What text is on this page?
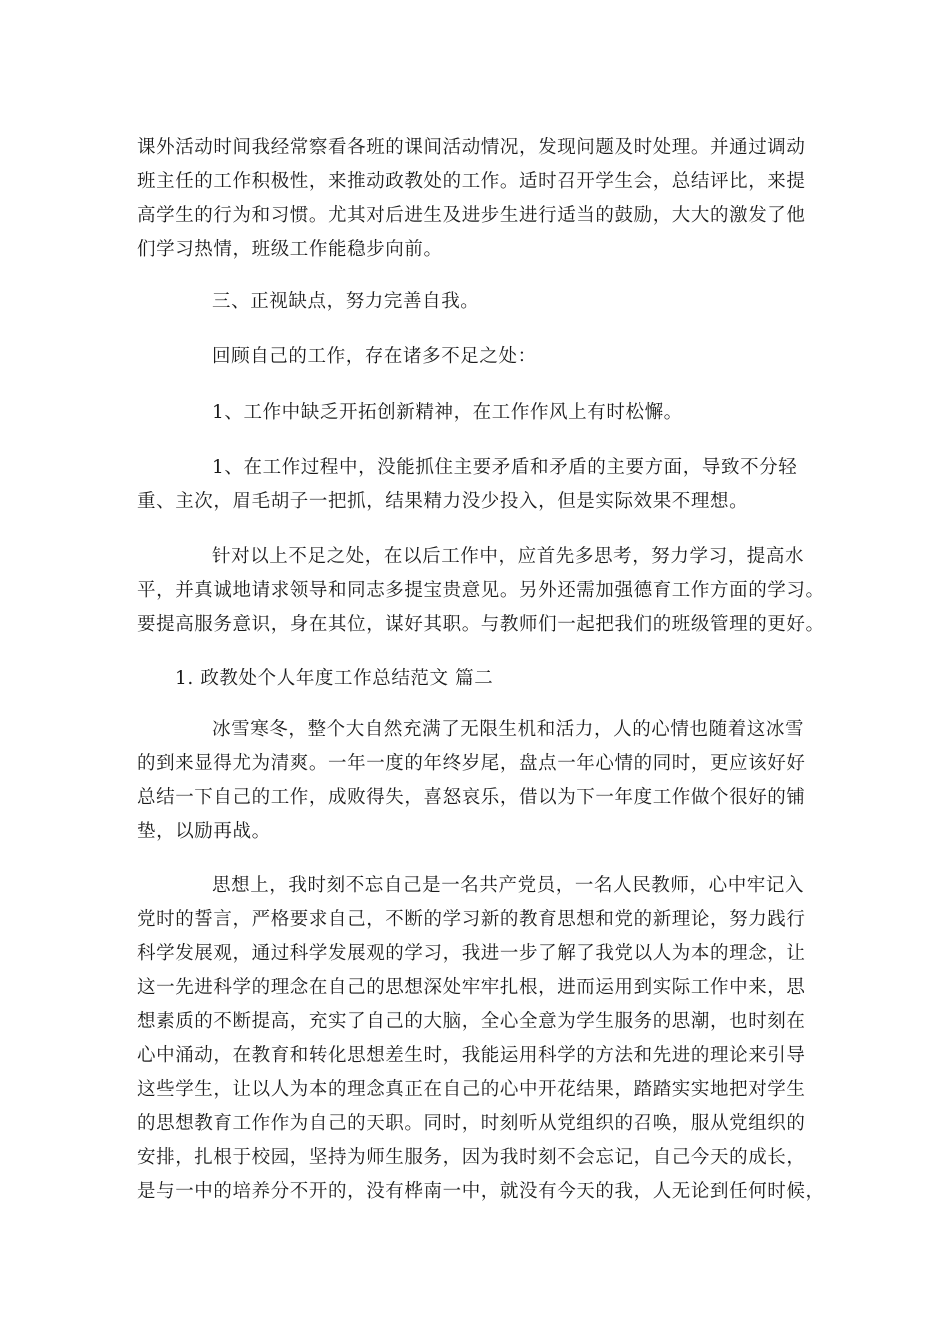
课外活动时间我经常察看各班的课间活动情况，发现问题及时处理。并通过调动
班主任的工作积极性，来推动政教处的工作。适时召开学生会，总结评比，来提
高学生的行为和习惯。尤其对后进生及进步生进行适当的鼓励，大大的激发了他
们学习热情，班级工作能稳步向前。
三、正视缺点，努力完善自我。
回顾自己的工作，存在诸多不足之处：
1、工作中缺乏开拓创新精神，在工作作风上有时松懈。
1、在工作过程中，没能抓住主要矛盾和矛盾的主要方面，导致不分轻
重、主次，眉毛胡子一把抓，结果精力没少投入，但是实际效果不理想。
针对以上不足之处，在以后工作中，应首先多思考，努力学习，提高水
平，并真诚地请求领导和同志多提宝贵意见。另外还需加强德育工作方面的学习。
要提高服务意识，身在其位，谋好其职。与教师们一起把我们的班级管理的更好。
1. 政教处个人年度工作总结范文 篇二
冰雪寒冬，整个大自然充满了无限生机和活力，人的心情也随着这冰雪
的到来显得尤为清爽。一年一度的年终岁尾，盘点一年心情的同时，更应该好好
总结一下自己的工作，成败得失，喜怒哀乐，借以为下一年度工作做个很好的铺
垫，以励再战。
思想上，我时刻不忘自己是一名共产党员，一名人民教师，心中牢记入
党时的誓言，严格要求自己，不断的学习新的教育思想和党的新理论，努力践行
科学发展观，通过科学发展观的学习，我进一步了解了我党以人为本的理念，让
这一先进科学的理念在自己的思想深处牢牢扎根，进而运用到实际工作中来，思
想素质的不断提高，充实了自己的大脑，全心全意为学生服务的思潮，也时刻在
心中涌动，在教育和转化思想差生时，我能运用科学的方法和先进的理论来引导
这些学生，让以人为本的理念真正在自己的心中开花结果，踏踏实实地把对学生
的思想教育工作作为自己的天职。同时，时刻听从党组织的召唤，服从党组织的
安排，扎根于校园，坚持为师生服务，因为我时刻不会忘记，自己今天的成长，
是与一中的培养分不开的，没有桦南一中，就没有今天的我，人无论到任何时候，
